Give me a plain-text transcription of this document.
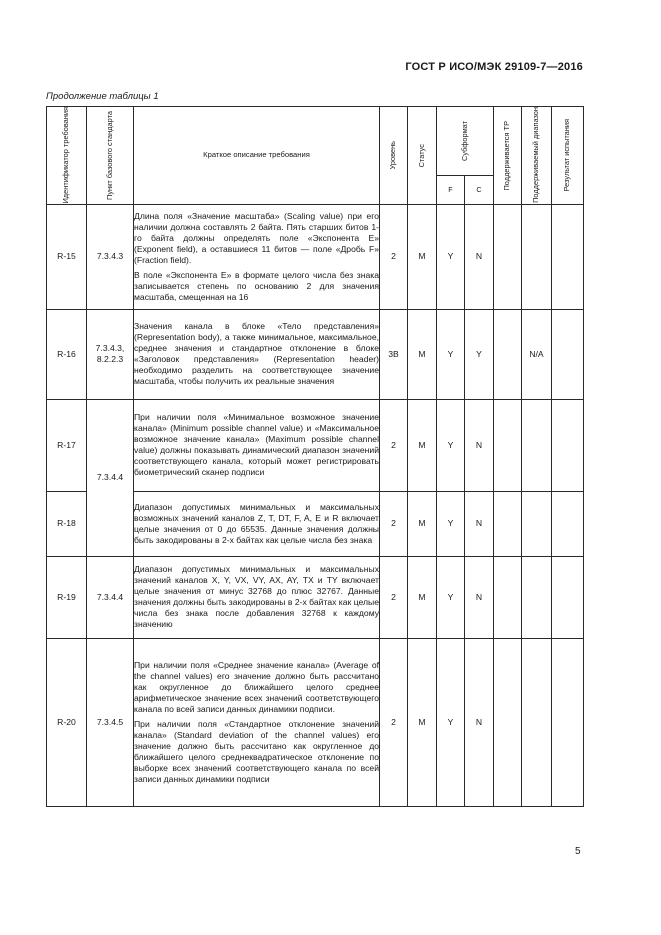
ГОСТ Р ИСО/МЭК 29109-7—2016
Продолжение таблицы 1
Идентификатор требования	Пункт базового стандарта	Краткое описание требования	Уровень	Статус	Субформат		Поддерживается ТР	Поддерживаемый диапазон	Результат испытания

					F	C			
R-15	7.3.4.3	Длина поля «Значение масштаба» (Scaling value) при его наличии должна составлять 2 байта. Пять старших битов 1-го байта должны определять поле «Экспонента E» (Exponent field), а оставшиеся 11 битов — поле «Дробь F» (Fraction field).

В поле «Экспонента E» в формате целого числа без знака записывается степень по основанию 2 для значения масштаба, смещенная на 16	2	M	Y	N			
R-16	7.3.4.3, 8.2.2.3	Значения канала в блоке «Тело представления» (Representation body), а также минимальное, максимальное, среднее значения и стандартное отклонение в блоке «Заголовок представления» (Representation header) необходимо разделить на соответствующее значение масштаба, чтобы получить их реальные значения	3B	M	Y	Y		N/A	
R-17	7.3.4.4	При наличии поля «Минимальное возможное значение канала» (Minimum possible channel value) и «Максимальное возможное значение канала» (Maximum possible channel value) должны показывать динамический диапазон значений соответствующего канала, который может регистрировать биометрический сканер подписи	2	M	Y	N			
R-18		Диапазон допустимых минимальных и максимальных возможных значений каналов Z, T, DT, F, A, E и R включает целые значения от 0 до 65535. Данные значения должны быть закодированы в 2-х байтах как целые числа без знака	2	M	Y	N			
R-19	7.3.4.4	Диапазон допустимых минимальных и максимальных значений каналов X, Y, VX, VY, AX, AY, TX и TY включает целые значения от минус 32768 до плюс 32767. Данные значения должны быть закодированы в 2-х байтах как целые числа без знака после добавления 32768 к каждому значению	2	M	Y	N			
R-20	7.3.4.5	При наличии поля «Среднее значение канала» (Average of the channel values) его значение должно быть рассчитано как округленное до ближайшего целого среднее арифметическое значение всех значений соответствующего канала по всей записи данных динамики подписи.

При наличии поля «Стандартное отклонение значений канала» (Standard deviation of the channel values) его значение должно быть рассчитано как округленное до ближайшего целого среднеквадратическое отклонение по выборке всех значений соответствующего канала по всей записи данных динамики подписи	2	M	Y	N			
5
